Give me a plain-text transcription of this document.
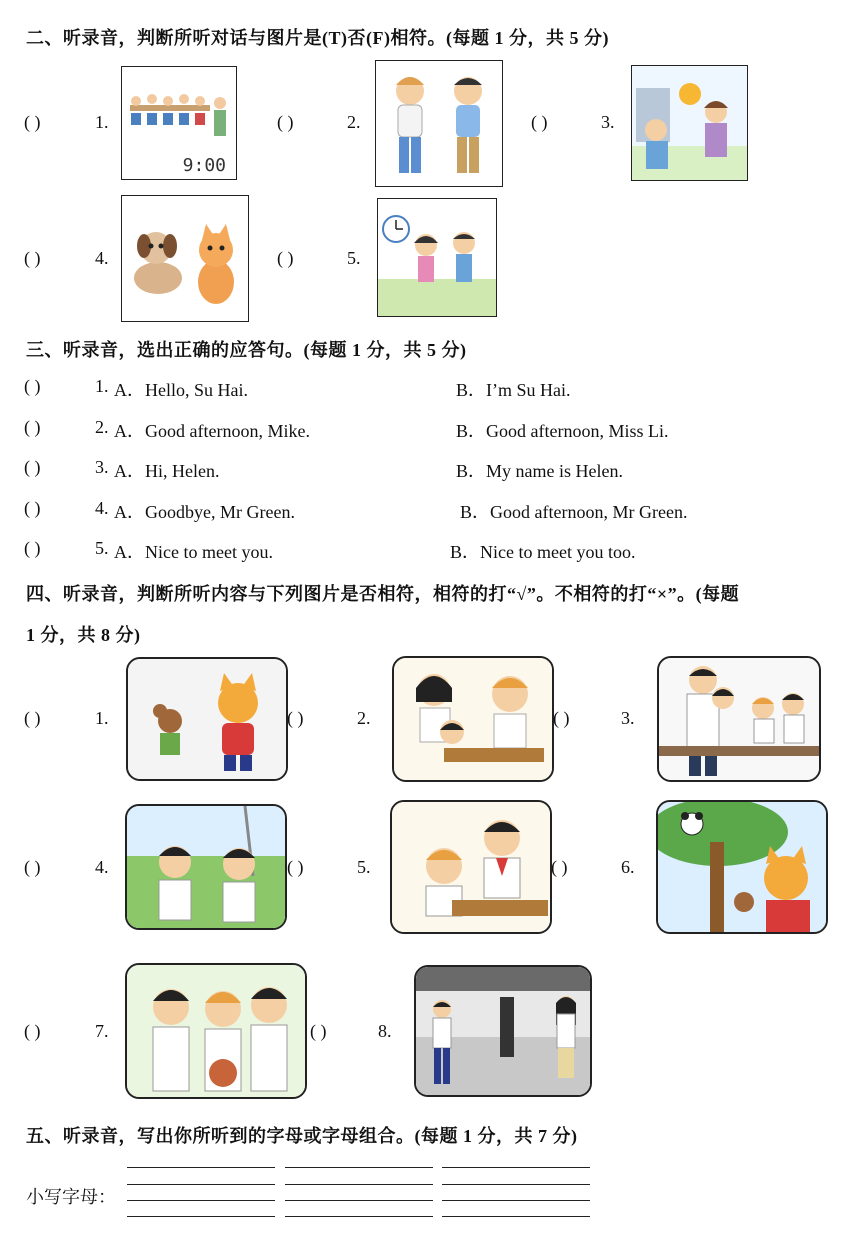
二、听录音，判断所听对话与图片是(T)否(F)相符。(每题 1 分，共 5 分)
( )	1.
9:00
( )	2.	( )	3.
( )	4.	( )	5.
三、听录音，选出正确的应答句。(每题 1 分，共 5 分)
( )	1. A．Hello, Su Hai.	B．I’m Su Hai.
( )	2. A．Good afternoon, Mike.	B．Good afternoon, Miss Li.
( )	3. A．Hi, Helen.	B．My name is Helen.
( )	4. A．Goodbye, Mr Green.	B．Good afternoon, Mr Green.
( )	5. A．Nice to meet you.	B．Nice to meet you too.
四、听录音，判断所听内容与下列图片是否相符，相符的打“√”。不相符的打“×”。(每题
1 分，共 8 分)
( )	1.	( )	2.	( )	3.
( )	4.	( )	5.	( )	6.
( )	7.	( )	8.
五、听录音，写出你所听到的字母或字母组合。(每题 1 分，共 7 分)
小写字母：
